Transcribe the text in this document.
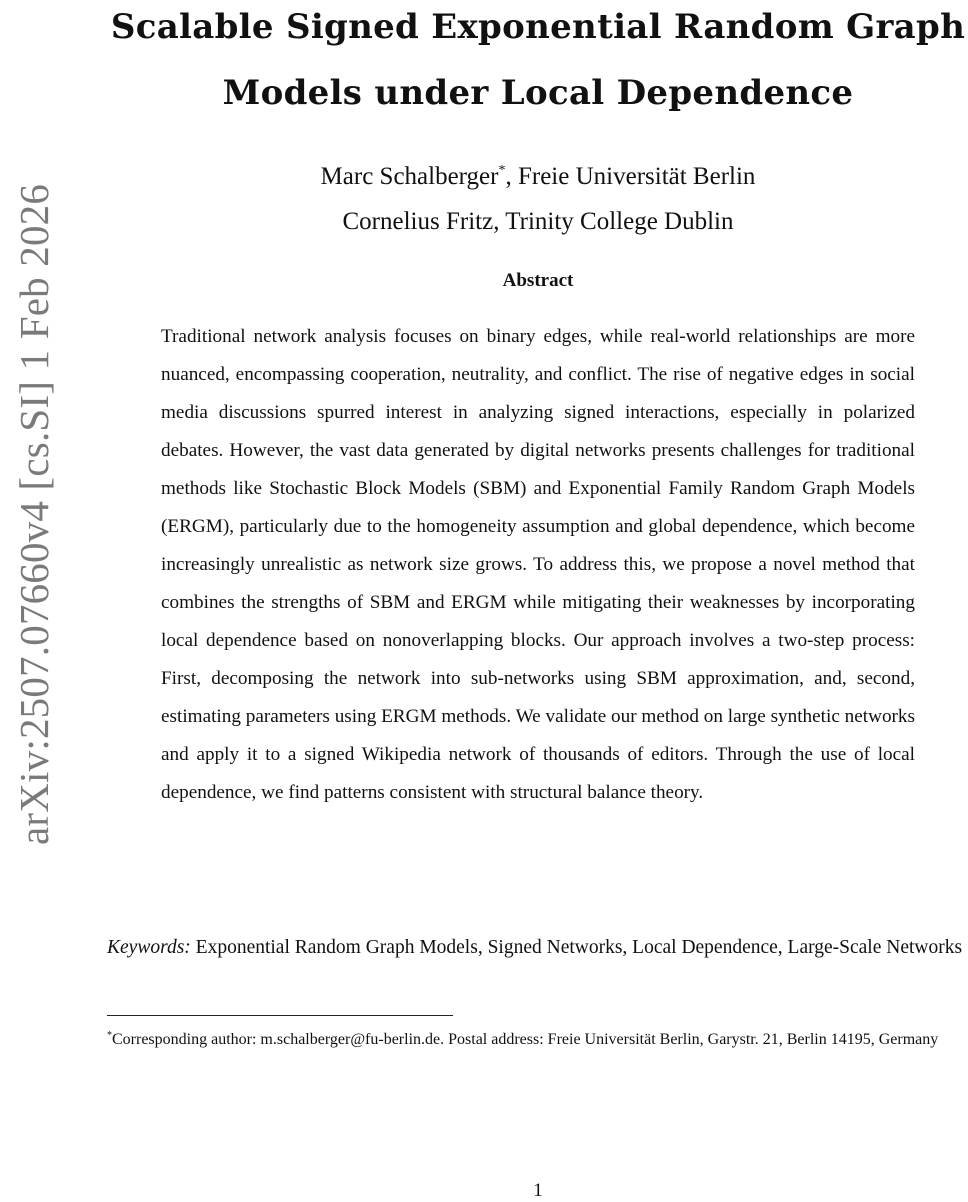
arXiv:2507.07660v4 [cs.SI] 1 Feb 2026
Scalable Signed Exponential Random Graph Models under Local Dependence
Marc Schalberger*, Freie Universität Berlin
Cornelius Fritz, Trinity College Dublin
Abstract

Traditional network analysis focuses on binary edges, while real-world relationships are more nuanced, encompassing cooperation, neutrality, and conflict. The rise of negative edges in social media discussions spurred interest in analyzing signed interactions, especially in polarized debates. However, the vast data generated by digital networks presents challenges for traditional methods like Stochastic Block Models (SBM) and Exponential Family Random Graph Models (ERGM), particularly due to the homogeneity assumption and global dependence, which become increasingly unrealistic as network size grows. To address this, we propose a novel method that combines the strengths of SBM and ERGM while mitigating their weaknesses by incorporating local dependence based on nonoverlapping blocks. Our approach involves a two-step process: First, decomposing the network into sub-networks using SBM approximation, and, second, estimating parameters using ERGM methods. We validate our method on large synthetic networks and apply it to a signed Wikipedia network of thousands of editors. Through the use of local dependence, we find patterns consistent with structural balance theory.

Keywords: Exponential Random Graph Models, Signed Networks, Local Dependence, Large-Scale Networks

*Corresponding author: m.schalberger@fu-berlin.de. Postal address: Freie Universität Berlin, Garystr. 21, Berlin 14195, Germany

1
